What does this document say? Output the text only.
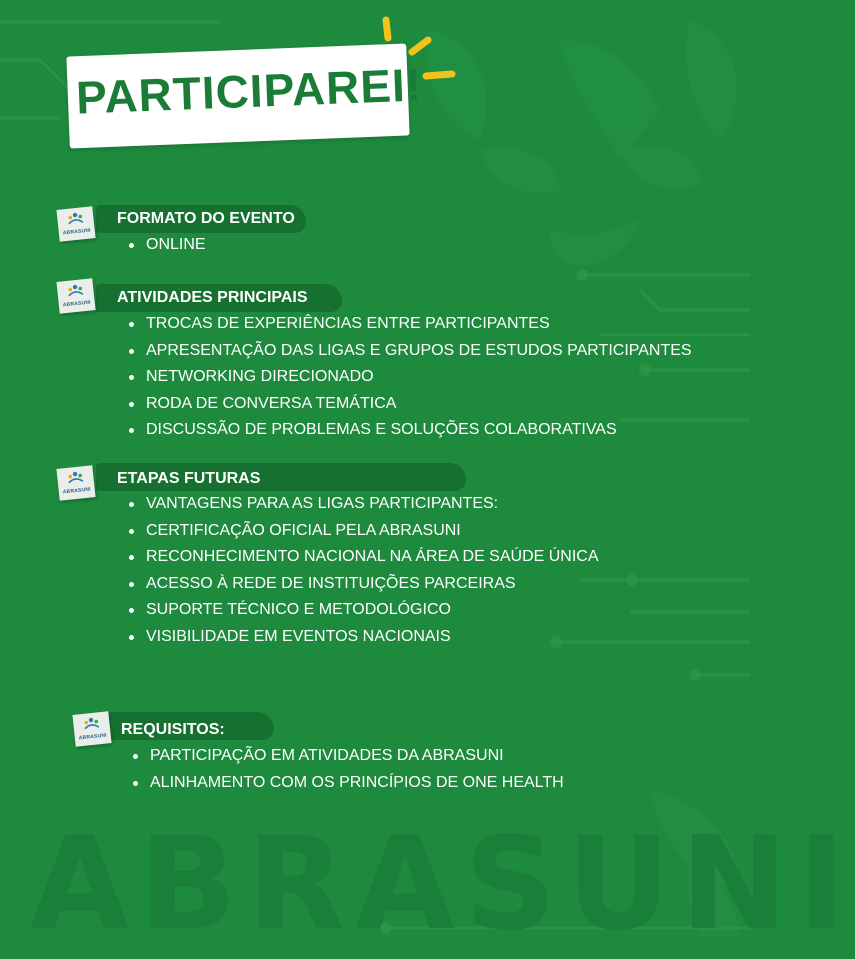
ABRASUNI
PARTICIPAREI!
ABRASUNI
FORMATO DO EVENTO
ONLINE
ABRASUNI ATIVIDADES PRINCIPAIS
TROCAS DE EXPERIÊNCIAS ENTRE PARTICIPANTES
APRESENTAÇÃO DAS LIGAS E GRUPOS DE ESTUDOS PARTICIPANTES
NETWORKING DIRECIONADO
RODA DE CONVERSA TEMÁTICA
DISCUSSÃO DE PROBLEMAS E SOLUÇÕES COLABORATIVAS
ABRASUNI
ETAPAS FUTURAS
VANTAGENS PARA AS LIGAS PARTICIPANTES:
CERTIFICAÇÃO OFICIAL PELA ABRASUNI
RECONHECIMENTO NACIONAL NA ÁREA DE SAÚDE ÚNICA
ACESSO À REDE DE INSTITUIÇÕES PARCEIRAS
SUPORTE TÉCNICO E METODOLÓGICO
VISIBILIDADE EM EVENTOS NACIONAIS
ABRASUNI REQUISITOS:
PARTICIPAÇÃO EM ATIVIDADES DA ABRASUNI
ALINHAMENTO COM OS PRINCÍPIOS DE ONE HEALTH
